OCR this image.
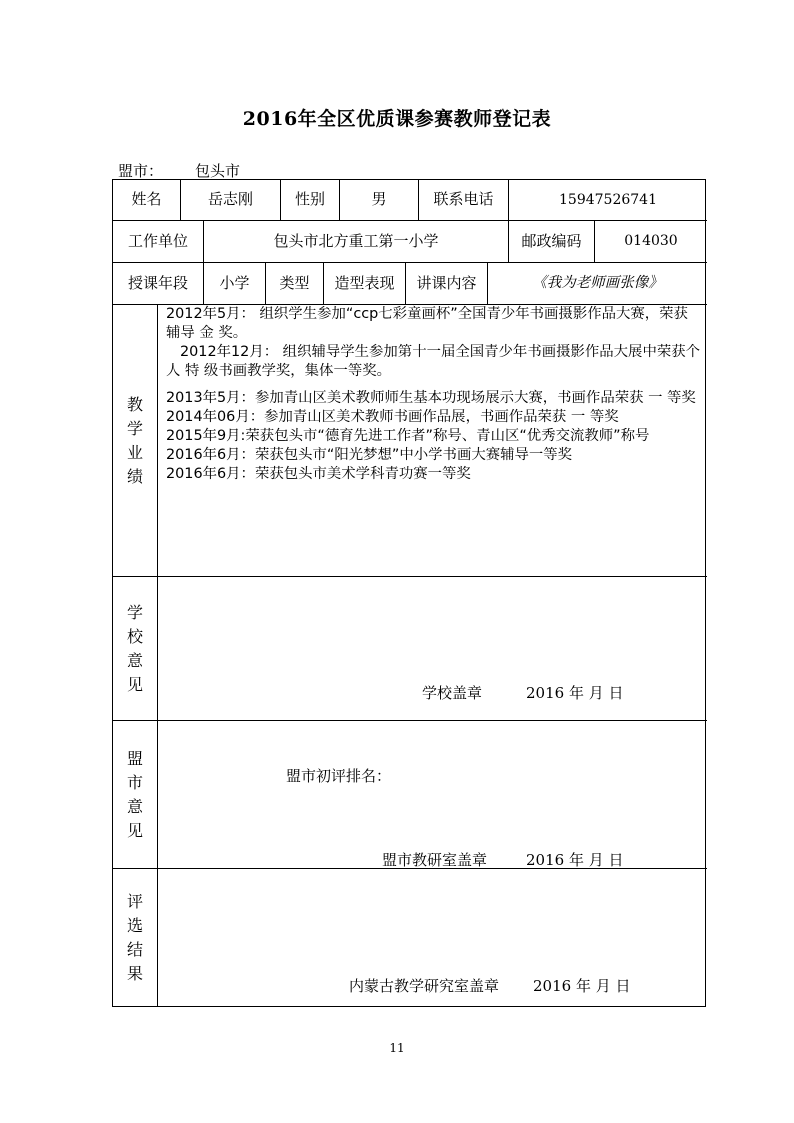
2016年全区优质课参赛教师登记表
盟市： 包头市
姓名	岳志刚	性别	男	联系电话	15947526741
工作单位	包头市北方重工第一小学	邮政编码	014030
授课年段	小学	类型	造型表现	讲课内容	《我为老师画张像》
教
学
业
绩

2012年5月： 组织学生参加“ccp七彩童画杯”全国青少年书画摄影作品大赛，荣获辅导 金 奖。

2012年12月： 组织辅导学生参加第十一届全国青少年书画摄影作品大展中荣获个人 特 级书画教学奖，集体一等奖。

2013年5月：参加青山区美术教师师生基本功现场展示大赛，书画作品荣获 一 等奖

2014年06月：参加青山区美术教师书画作品展，书画作品荣获 一 等奖

2015年9月:荣获包头市“德育先进工作者”称号、青山区“优秀交流教师”称号

2016年6月：荣获包头市“阳光梦想”中小学书画大赛辅导一等奖

2016年6月：荣获包头市美术学科青功赛一等奖

学
校
意
见	学校盖章	2016 年 月 日
盟
市
意
见
盟市初评排名：
盟市教研室盖章	2016 年 月 日
评
选
结
果
内蒙古教学研究室盖章 2016 年 月 日
11
